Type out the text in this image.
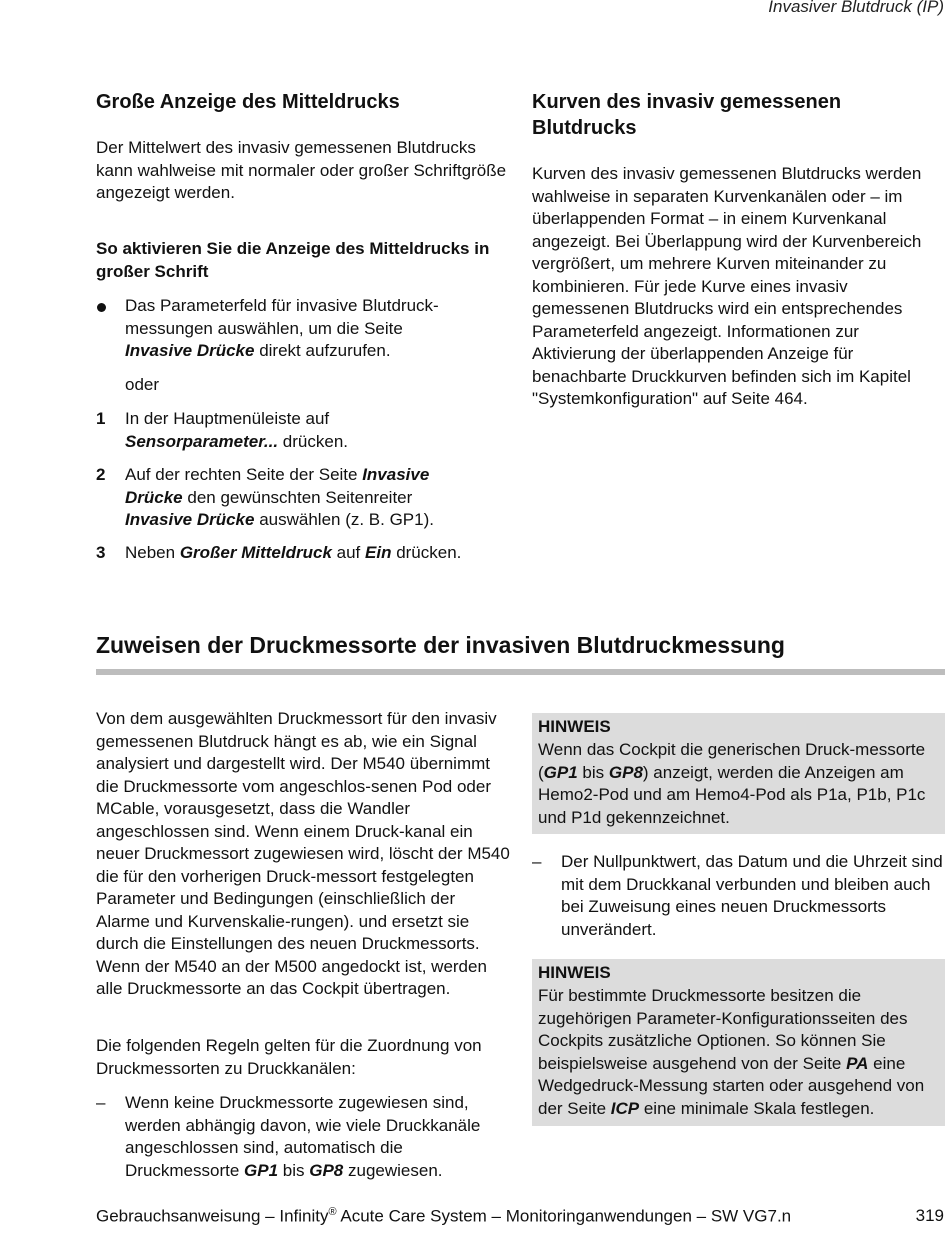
Invasiver Blutdruck (IP)
Große Anzeige des Mitteldrucks

Der Mittelwert des invasiv gemessenen Blutdrucks kann wahlweise mit normaler oder großer Schriftgröße angezeigt werden.

So aktivieren Sie die Anzeige des Mitteldrucks in großer Schrift

Das Parameterfeld für invasive Blutdruck-messungen auswählen, um die Seite Invasive Drücke direkt aufzurufen.
oder
1 In der Hauptmenüleiste auf Sensorparameter... drücken.
2 Auf der rechten Seite der Seite Invasive Drücke den gewünschten Seitenreiter Invasive Drücke auswählen (z. B. GP1).
3 Neben Großer Mitteldruck auf Ein drücken.
Kurven des invasiv gemessenen Blutdrucks

Kurven des invasiv gemessenen Blutdrucks werden wahlweise in separaten Kurvenkanälen oder – im überlappenden Format – in einem Kurvenkanal angezeigt. Bei Überlappung wird der Kurvenbereich vergrößert, um mehrere Kurven miteinander zu kombinieren. Für jede Kurve eines invasiv gemessenen Blutdrucks wird ein entsprechendes Parameterfeld angezeigt. Informationen zur Aktivierung der überlappenden Anzeige für benachbarte Druckkurven befinden sich im Kapitel "Systemkonfiguration" auf Seite 464.

Zuweisen der Druckmessorte der invasiven Blutdruckmessung

Von dem ausgewählten Druckmessort für den invasiv gemessenen Blutdruck hängt es ab, wie ein Signal analysiert und dargestellt wird. Der M540 übernimmt die Druckmessorte vom angeschlos-senen Pod oder MCable, vorausgesetzt, dass die Wandler angeschlossen sind. Wenn einem Druck-kanal ein neuer Druckmessort zugewiesen wird, löscht der M540 die für den vorherigen Druck-messort festgelegten Parameter und Bedingungen (einschließlich der Alarme und Kurvenskalie-rungen). und ersetzt sie durch die Einstellungen des neuen Druckmessorts. Wenn der M540 an der M500 angedockt ist, werden alle Druckmessorte an das Cockpit übertragen.

Die folgenden Regeln gelten für die Zuordnung von Druckmessorten zu Druckkanälen:

– Wenn keine Druckmessorte zugewiesen sind, werden abhängig davon, wie viele Druckkanäle angeschlossen sind, automatisch die Druckmessorte GP1 bis GP8 zugewiesen.
HINWEIS
Wenn das Cockpit die generischen Druck-messorte (GP1 bis GP8) anzeigt, werden die Anzeigen am Hemo2-Pod und am Hemo4-Pod als P1a, P1b, P1c und P1d gekennzeichnet.
– Der Nullpunktwert, das Datum und die Uhrzeit sind mit dem Druckkanal verbunden und bleiben auch bei Zuweisung eines neuen Druckmessorts unverändert.
HINWEIS
Für bestimmte Druckmessorte besitzen die zugehörigen Parameter-Konfigurationsseiten des Cockpits zusätzliche Optionen. So können Sie beispielsweise ausgehend von der Seite PA eine Wedgedruck-Messung starten oder ausgehend von der Seite ICP eine minimale Skala festlegen.
Gebrauchsanweisung – Infinity® Acute Care System – Monitoringanwendungen – SW VG7.n	319
